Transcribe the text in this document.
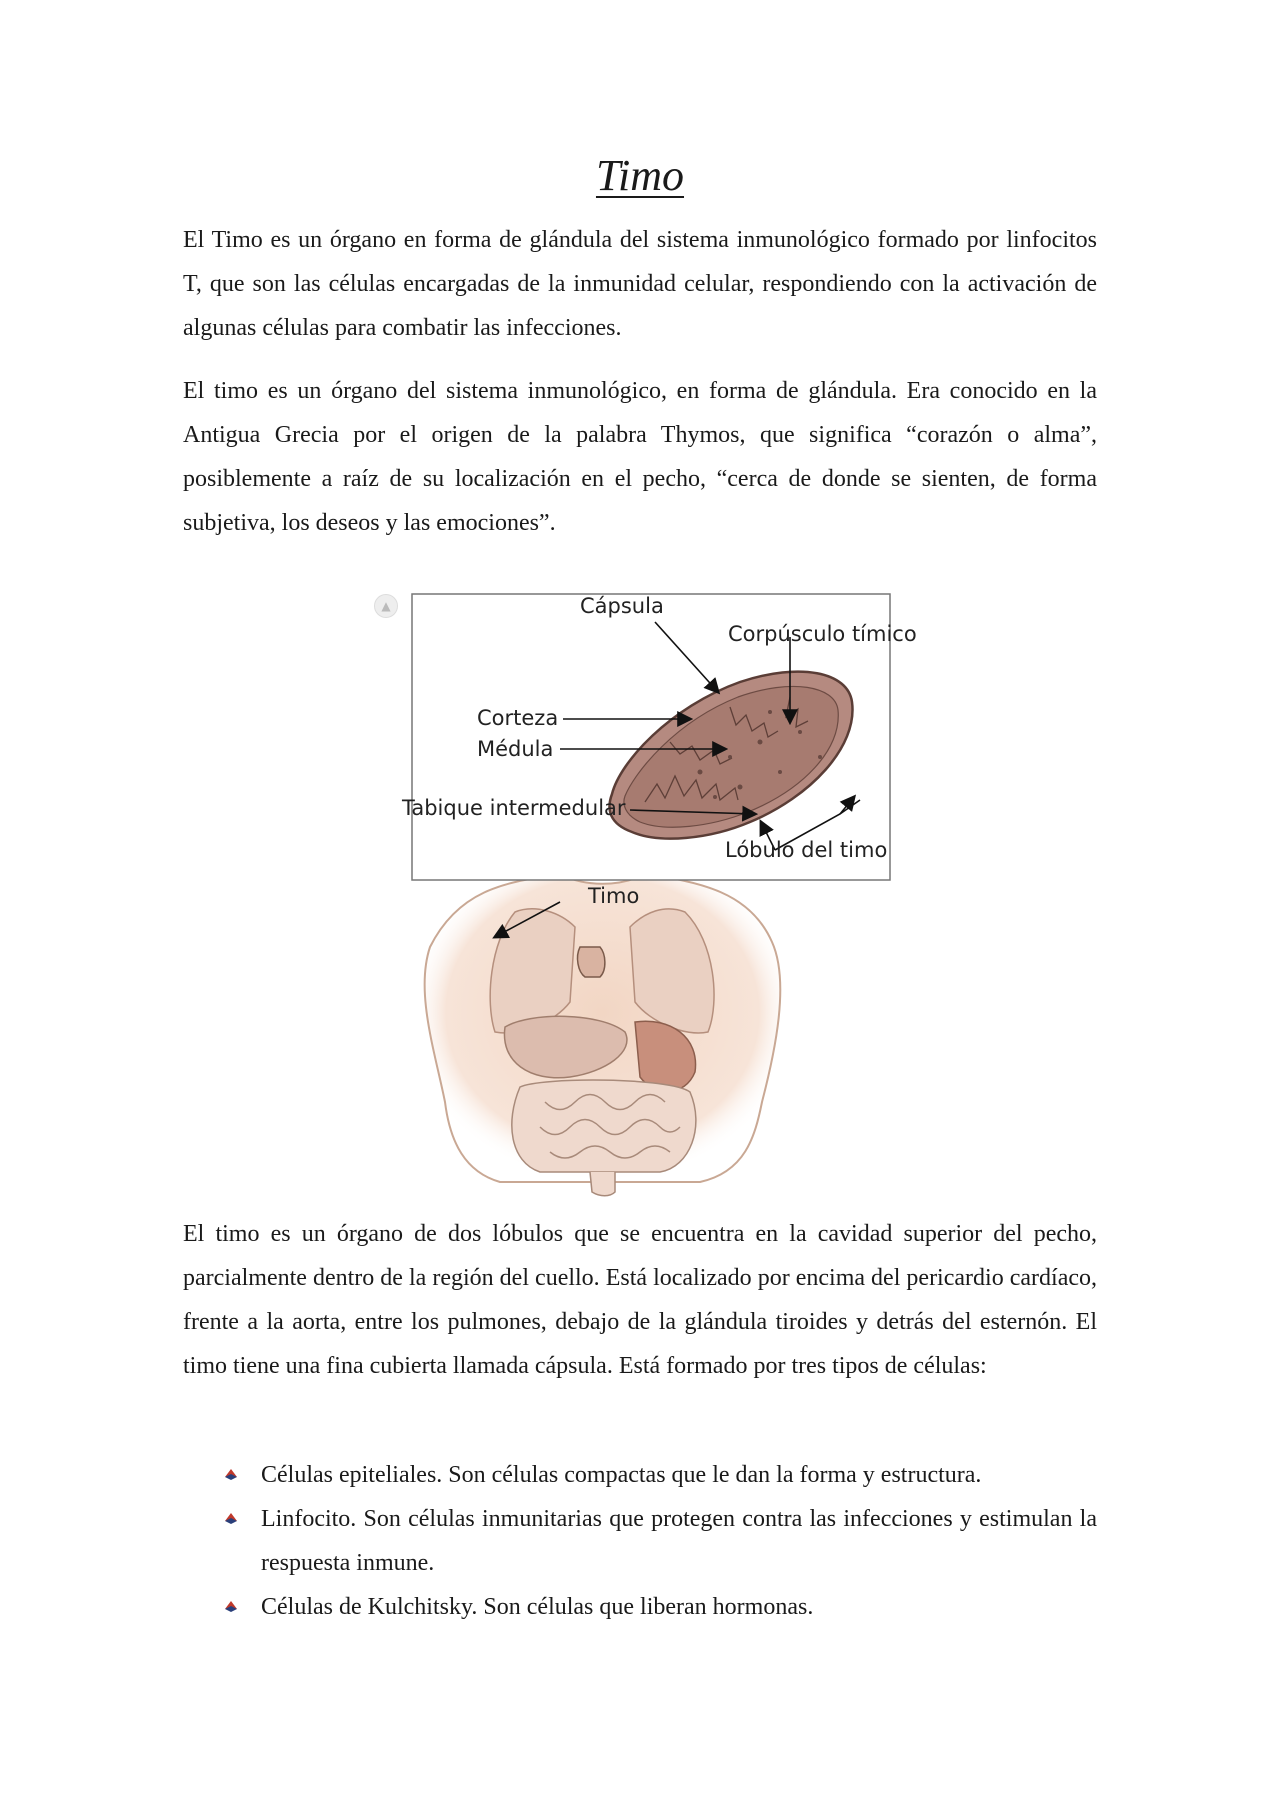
Timo

El Timo es un órgano en forma de glándula del sistema inmunológico formado por linfocitos T, que son las células encargadas de la inmunidad celular, respondiendo con la activación de algunas células para combatir las infecciones.

El timo es un órgano del sistema inmunológico, en forma de glándula. Era conocido en la Antigua Grecia por el origen de la palabra Thymos, que significa “corazón o alma”, posiblemente a raíz de su localización en el pecho, “cerca de donde se sienten, de forma subjetiva, los deseos y las emociones”.

▲	Cápsula
Corpúsculo tímico
Corteza
Médula
Tabique intermedular
Lóbulo del timo
Timo

El timo es un órgano de dos lóbulos que se encuentra en la cavidad superior del pecho, parcialmente dentro de la región del cuello. Está localizado por encima del pericardio cardíaco, frente a la aorta, entre los pulmones, debajo de la glándula tiroides y detrás del esternón. El timo tiene una fina cubierta llamada cápsula. Está formado por tres tipos de células:

Células epiteliales. Son células compactas que le dan la forma y estructura.
Linfocito. Son células inmunitarias que protegen contra las infecciones y estimulan la respuesta inmune.
Células de Kulchitsky. Son células que liberan hormonas.
